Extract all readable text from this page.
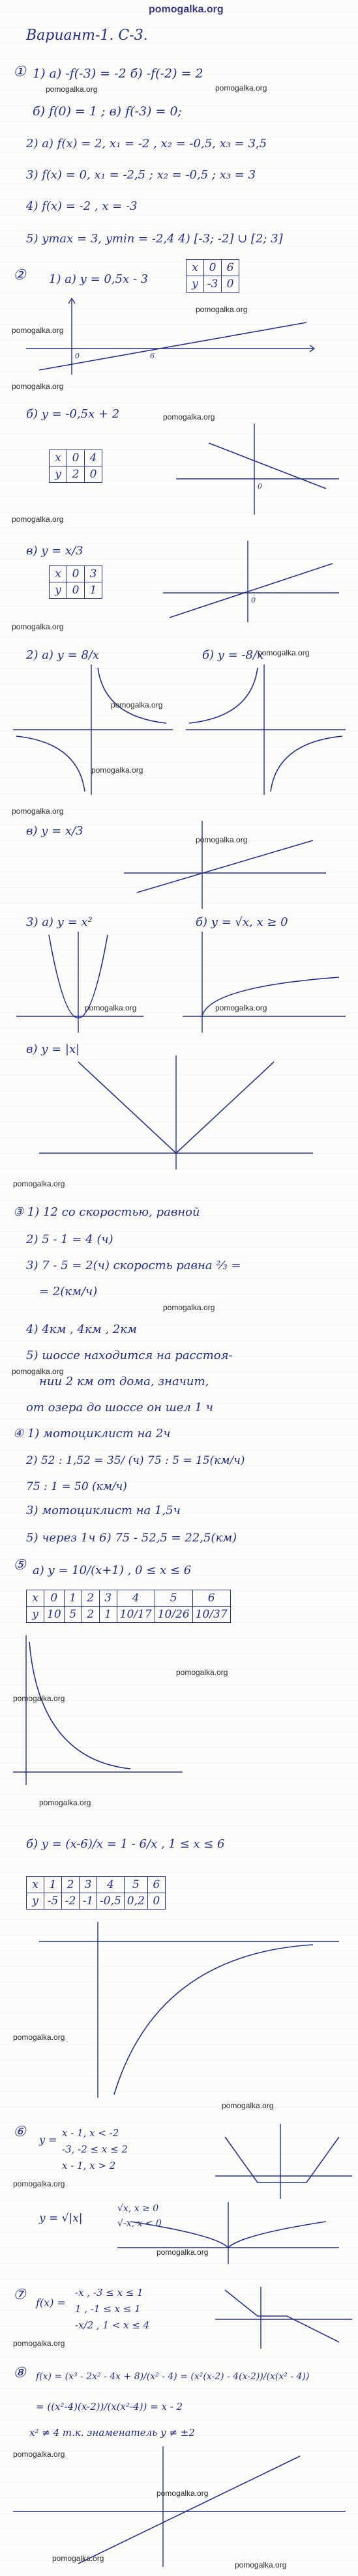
pomogalka.org
Вариант-1. С-3.
① 1) а) -f(-3) = -2 б) -f(-2) = 2
pomogalka.org	pomogalka.org
б) f(0) = 1 ; в) f(-3) = 0;
2) а) f(x) = 2, x₁ = -2 , x₂ = -0,5, x₃ = 3,5
3) f(x) = 0, x₁ = -2,5 ; x₂ = -0,5 ; x₃ = 3
4) f(x) = -2 , x = -3
5) ymax = 3, ymin = -2,4 4) [-3; -2] ∪ [2; 3]
② 1) а) y = 0,5x - 3
x	0	6
y	-3	0
pomogalka.org
pomogalka.org
0	6
pomogalka.org
б) y = -0,5x + 2
x	0	4
y	2	0
0
pomogalka.org
pomogalka.org
в) y = x/3
x	0	3
y	0	1
0
pomogalka.org
2) а) y = 8/x	б) y = -8/x
pomogalka.org
pomogalka.org
pomogalka.org
pomogalka.org
в) y = x/3
pomogalka.org
3) а) y = x²	б) y = √x, x ≥ 0
pomogalka.org	pomogalka.org
в) y = |x|
pomogalka.org
③ 1) 12 со скоростью, равной
2) 5 - 1 = 4 (ч)
3) 7 - 5 = 2(ч) скорость равна ⅔ =
= 2(км/ч)
pomogalka.org
4) 4км , 4км , 2км
5) шоссе находится на расстоя-
pomogalka.org
нии 2 км от дома, значит,
от озера до шоссе он шел 1 ч
④ 1) мотоциклист на 2ч
2) 52 : 1,52 = 35/ (ч) 75 : 5 = 15(км/ч)
75 : 1 = 50 (км/ч)
3) мотоциклист на 1,5ч
5) через 1ч 6) 75 - 52,5 = 22,5(км)
⑤ а) y = 10/(x+1) , 0 ≤ x ≤ 6
x	0	1	2	3	4	5	6
y	10	5	2	1	10/17	10/26	10/37
pomogalka.org
pomogalka.org
pomogalka.org
б) y = (x-6)/x = 1 - 6/x , 1 ≤ x ≤ 6
x	1	2	3	4	5	6
y	-5	-2	-1	-0,5	0,2	0
pomogalka.org
pomogalka.org
⑥ y =
x - 1, x < -2
-3, -2 ≤ x ≤ 2
x - 1, x > 2
pomogalka.org
y = √|x|
√x, x ≥ 0
√-x, x < 0
pomogalka.org
⑦ f(x) =
-x , -3 ≤ x ≤ 1
1 , -1 ≤ x ≤ 1
-x/2 , 1 < x ≤ 4
pomogalka.org
⑧ f(x) = (x³ - 2x² - 4x + 8)/(x² - 4) = (x²(x-2) - 4(x-2))/(x(x² - 4))
= ((x²-4)(x-2))/(x(x²-4)) = x - 2
x² ≠ 4 т.к. знаменатель y ≠ ±2
pomogalka.org
pomogalka.org
pomogalka.org
pomogalka.org
